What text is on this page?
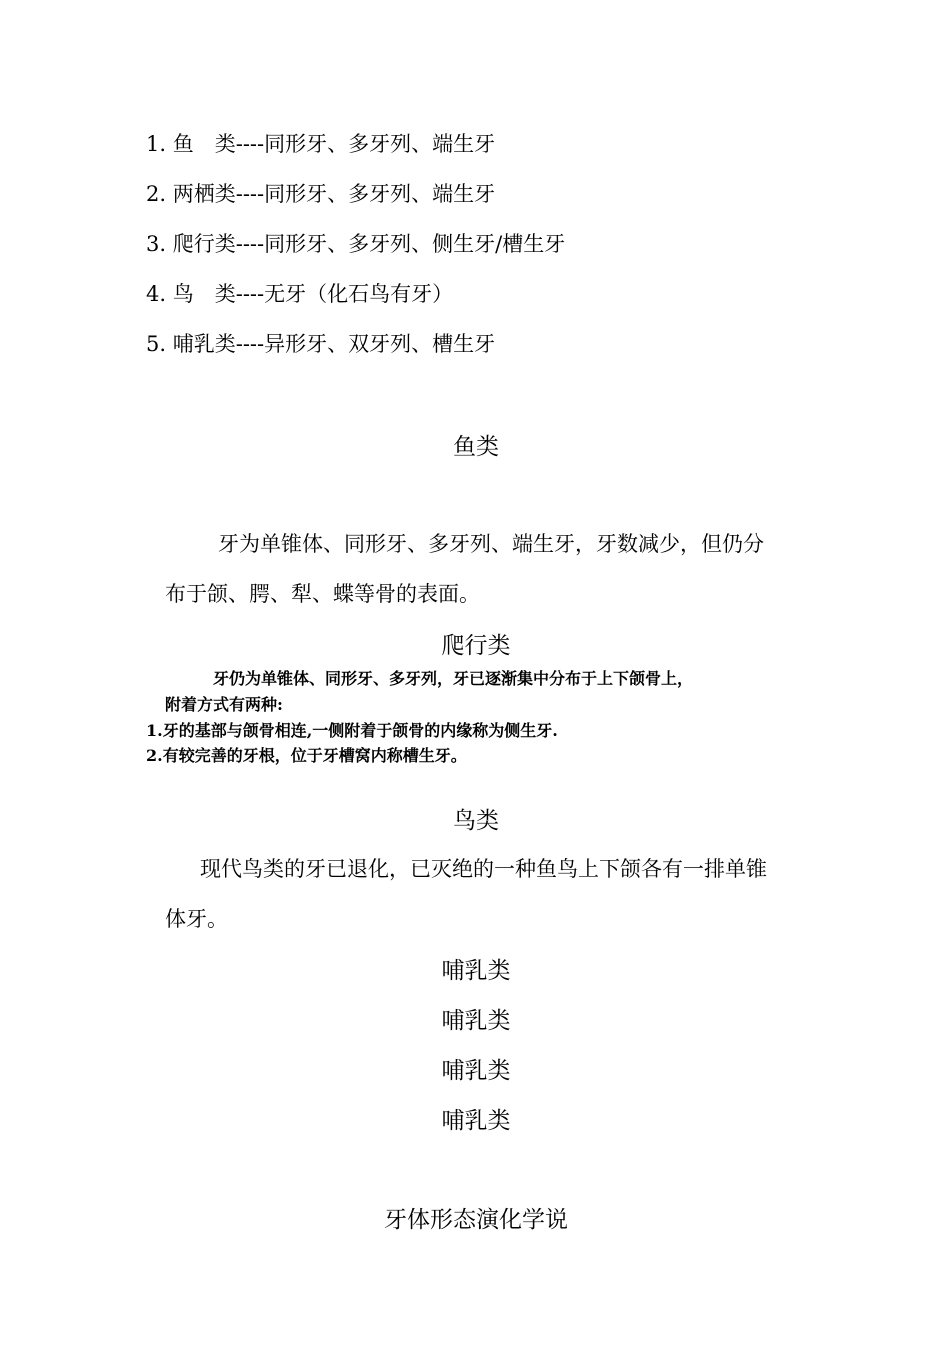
1. 鱼　类----同形牙、多牙列、端生牙
2. 两栖类----同形牙、多牙列、端生牙
3. 爬行类----同形牙、多牙列、侧生牙/槽生牙
4. 鸟　类----无牙（化石鸟有牙）
5. 哺乳类----异形牙、双牙列、槽生牙
鱼类
牙为单锥体、同形牙、多牙列、端生牙，牙数减少，但仍分
布于颌、腭、犁、蝶等骨的表面。
爬行类
牙仍为单锥体、同形牙、多牙列，牙已逐渐集中分布于上下颌骨上，
附着方式有两种:
1.牙的基部与颌骨相连,一侧附着于颌骨的内缘称为侧生牙.
2.有较完善的牙根，位于牙槽窝内称槽生牙。
鸟类
现代鸟类的牙已退化，已灭绝的一种鱼鸟上下颌各有一排单锥
体牙。
哺乳类
哺乳类
哺乳类
哺乳类
牙体形态演化学说
